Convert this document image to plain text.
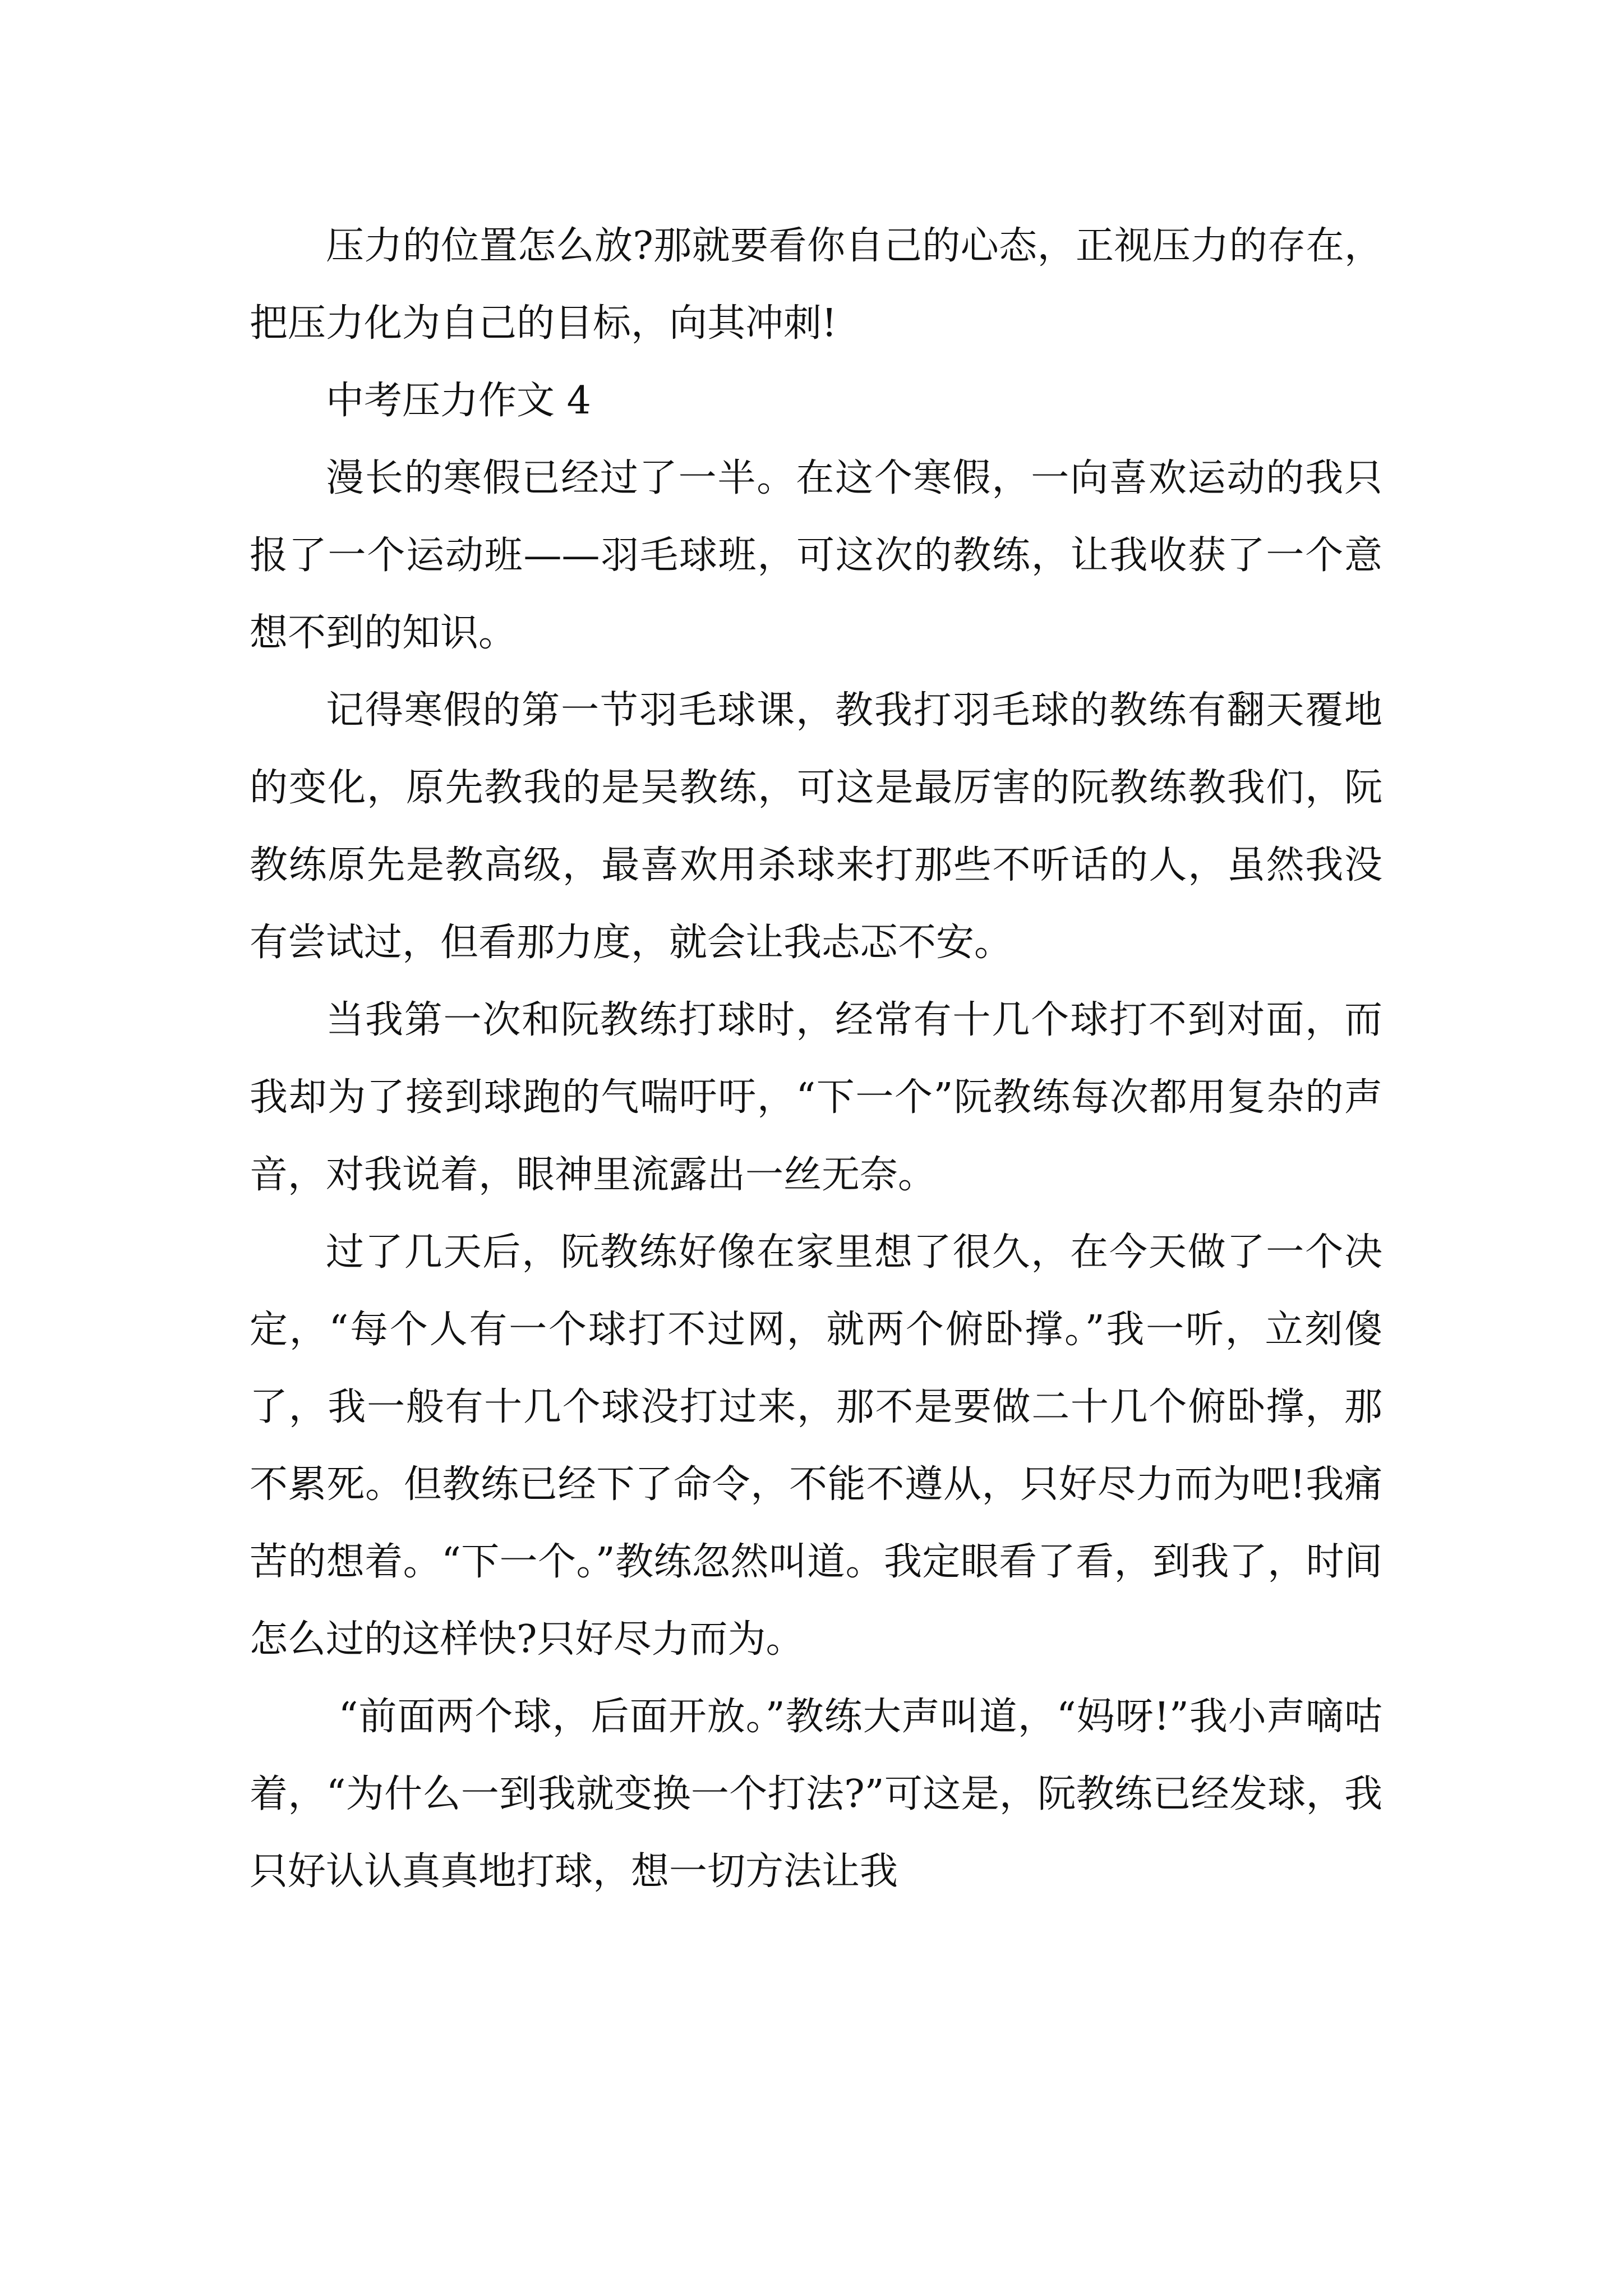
压力的位置怎么放?那就要看你自己的心态，正视压力的存在，把压力化为自己的目标，向其冲刺!

中考压力作文 4

漫长的寒假已经过了一半。在这个寒假，一向喜欢运动的我只报了一个运动班——羽毛球班，可这次的教练，让我收获了一个意想不到的知识。

记得寒假的第一节羽毛球课，教我打羽毛球的教练有翻天覆地的变化，原先教我的是吴教练，可这是最厉害的阮教练教我们，阮教练原先是教高级，最喜欢用杀球来打那些不听话的人，虽然我没有尝试过，但看那力度，就会让我忐忑不安。

当我第一次和阮教练打球时，经常有十几个球打不到对面，而我却为了接到球跑的气喘吁吁，“下一个”阮教练每次都用复杂的声音，对我说着，眼神里流露出一丝无奈。

过了几天后，阮教练好像在家里想了很久，在今天做了一个决定，“每个人有一个球打不过网，就两个俯卧撑。”我一听，立刻傻了，我一般有十几个球没打过来，那不是要做二十几个俯卧撑，那不累死。但教练已经下了命令，不能不遵从，只好尽力而为吧!我痛苦的想着。“下一个。”教练忽然叫道。我定眼看了看，到我了，时间怎么过的这样快?只好尽力而为。

“前面两个球，后面开放。”教练大声叫道，“妈呀!”我小声嘀咕着，“为什么一到我就变换一个打法?”可这是，阮教练已经发球，我只好认认真真地打球，想一切方法让我
